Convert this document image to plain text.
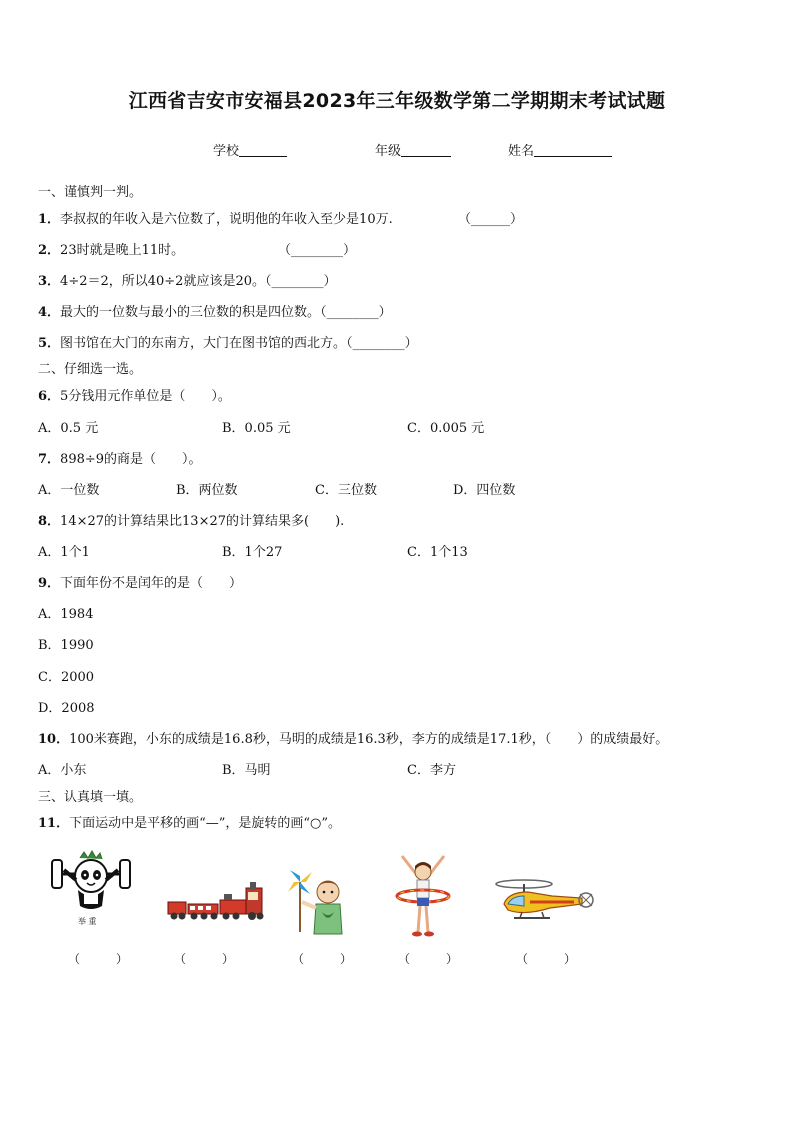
江西省吉安市安福县2023年三年级数学第二学期期末考试试题
学校	年级	姓名
一、谨慎判一判。
1．李叔叔的年收入是六位数了，说明他的年收入至少是10万.	（______）
2．23时就是晚上11时。	（________）
3．4÷2＝2，所以40÷2就应该是20。（________）
4．最大的一位数与最小的三位数的积是四位数。（________）
5．图书馆在大门的东南方，大门在图书馆的西北方。（________）
二、仔细选一选。
6．5分钱用元作单位是（　　）。
A．0.5 元	B．0.05 元	C．0.005 元
7．898÷9的商是（　　）。
A．一位数	B．两位数	C．三位数	D．四位数
8．14×27的计算结果比13×27的计算结果多(　　).
A．1个1	B．1个27	C．1个13
9．下面年份不是闰年的是（　　）
A．1984
B．1990
C．2000
D．2008
10．100米赛跑，小东的成绩是16.8秒，马明的成绩是16.3秒，李方的成绩是17.1秒，（　　）的成绩最好。
A．小东	B．马明	C．李方
三、认真填一填。
11．下面运动中是平移的画“—”，是旋转的画“○”。
举 重
（　　　）	（　　　）	（　　　）	（　　　）	（　　　）
